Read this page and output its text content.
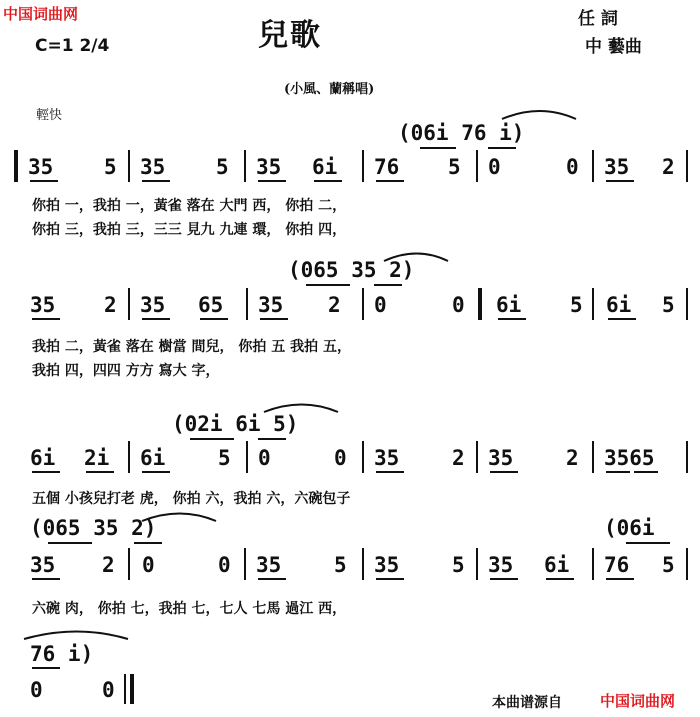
中国词曲网
兒歌	任 詞
中 藝曲
C=1 2/4
(小風、蘭稱唱)
輕快
(06i 76 i)
35 5 35 5 35 6i 76 5 0	0 35 2
你拍 一，我拍 一，黃雀 落在 大門 西， 你拍 二，
你拍 三，我拍 三，三三 見九 九連 環， 你拍 四，
(065 35 2)
35 2 35 65 35 2 0	0 6i 5 6i 5
我拍 二，黃雀 落在 樹當 間兒， 你拍 五 我拍 五，
我拍 四，四四 方方 寫大 字，
(02i 6i 5)
6i 2i 6i	5 0	0 35	2 35	2 3565
五個 小孩兒打老 虎， 你拍 六，我拍 六，六碗包子
(065 35 2)	(06i
35 2 0	0 35	5 35	5 35 6i 76 5
六碗 肉， 你拍 七，我拍 七，七人 七馬 過江 西，
76 i)
0	0
本曲谱源自	中国词曲网
